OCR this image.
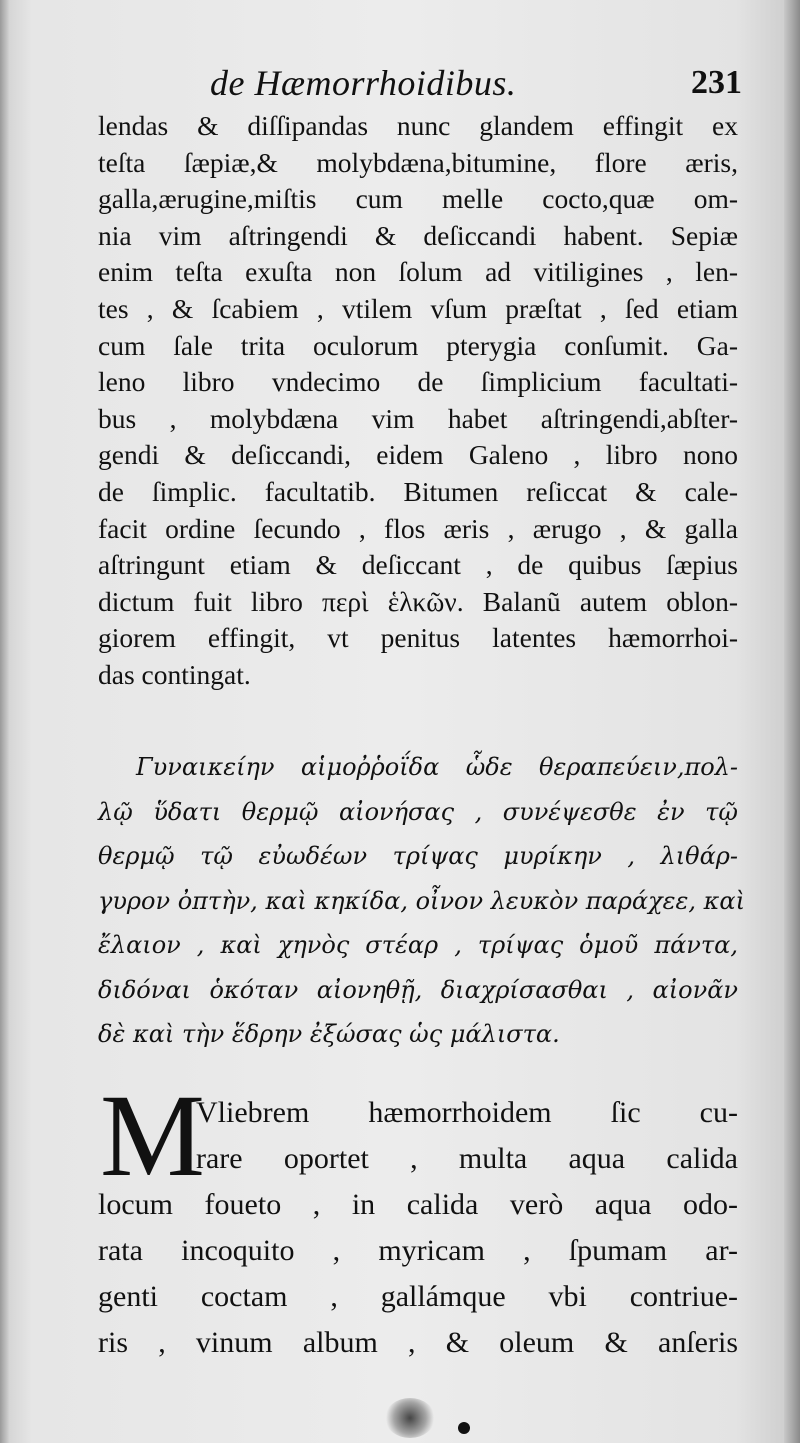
de Hæmorrhoidibus.	231
lendas & diſſipandas nunc glandem effingit ex
teſta ſæpiæ,& molybdæna,bitumine, flore æris,
galla,ærugine,miſtis cum melle cocto,quæ om-
nia vim aſtringendi & deſiccandi habent. Sepiæ
enim teſta exuſta non ſolum ad vitiligines , len-
tes , & ſcabiem , vtilem vſum præſtat , ſed etiam
cum ſale trita oculorum pterygia conſumit. Ga-
leno libro vndecimo de ſimplicium facultati-
bus , molybdæna vim habet aſtringendi,abſter-
gendi & deſiccandi, eidem Galeno , libro nono
de ſimplic. facultatib. Bitumen reſiccat & cale-
facit ordine ſecundo , flos æris , ærugo , & galla
aſtringunt etiam & deſiccant , de quibus ſæpius
dictum fuit libro περὶ ἑλκῶν. Balanũ autem oblon-
giorem effingit, vt penitus latentes hæmorrhoi-
das contingat.
Γυναικείην αἱμοῤῥοΐδα ὧδε θεραπεύειν,πολ-
λῷ ὕδατι θερμῷ αἰονήσας , συνέψεσθε ἐν τῷ
θερμῷ τῷ εὐωδέων τρίψας μυρίκην , λιθάρ-
γυρον ὀπτὴν, καὶ κηκίδα, οἶνον λευκὸν παράχεε, καὶ
ἔλαιον , καὶ χηνὸς στέαρ , τρίψας ὁμοῦ πάντα,
διδόναι ὁκόταν αἰονηθῇ, διαχρίσασθαι , αἰονᾶν
δὲ καὶ τὴν ἕδρην ἐξώσας ὡς μάλιστα.
M
Vliebrem hæmorrhoidem ſic cu-
rare oportet , multa aqua calida
locum foueto , in calida verò aqua odo-
rata incoquito , myricam , ſpumam ar-
genti coctam , gallámque vbi contriue-
ris , vinum album , & oleum & anſeris
